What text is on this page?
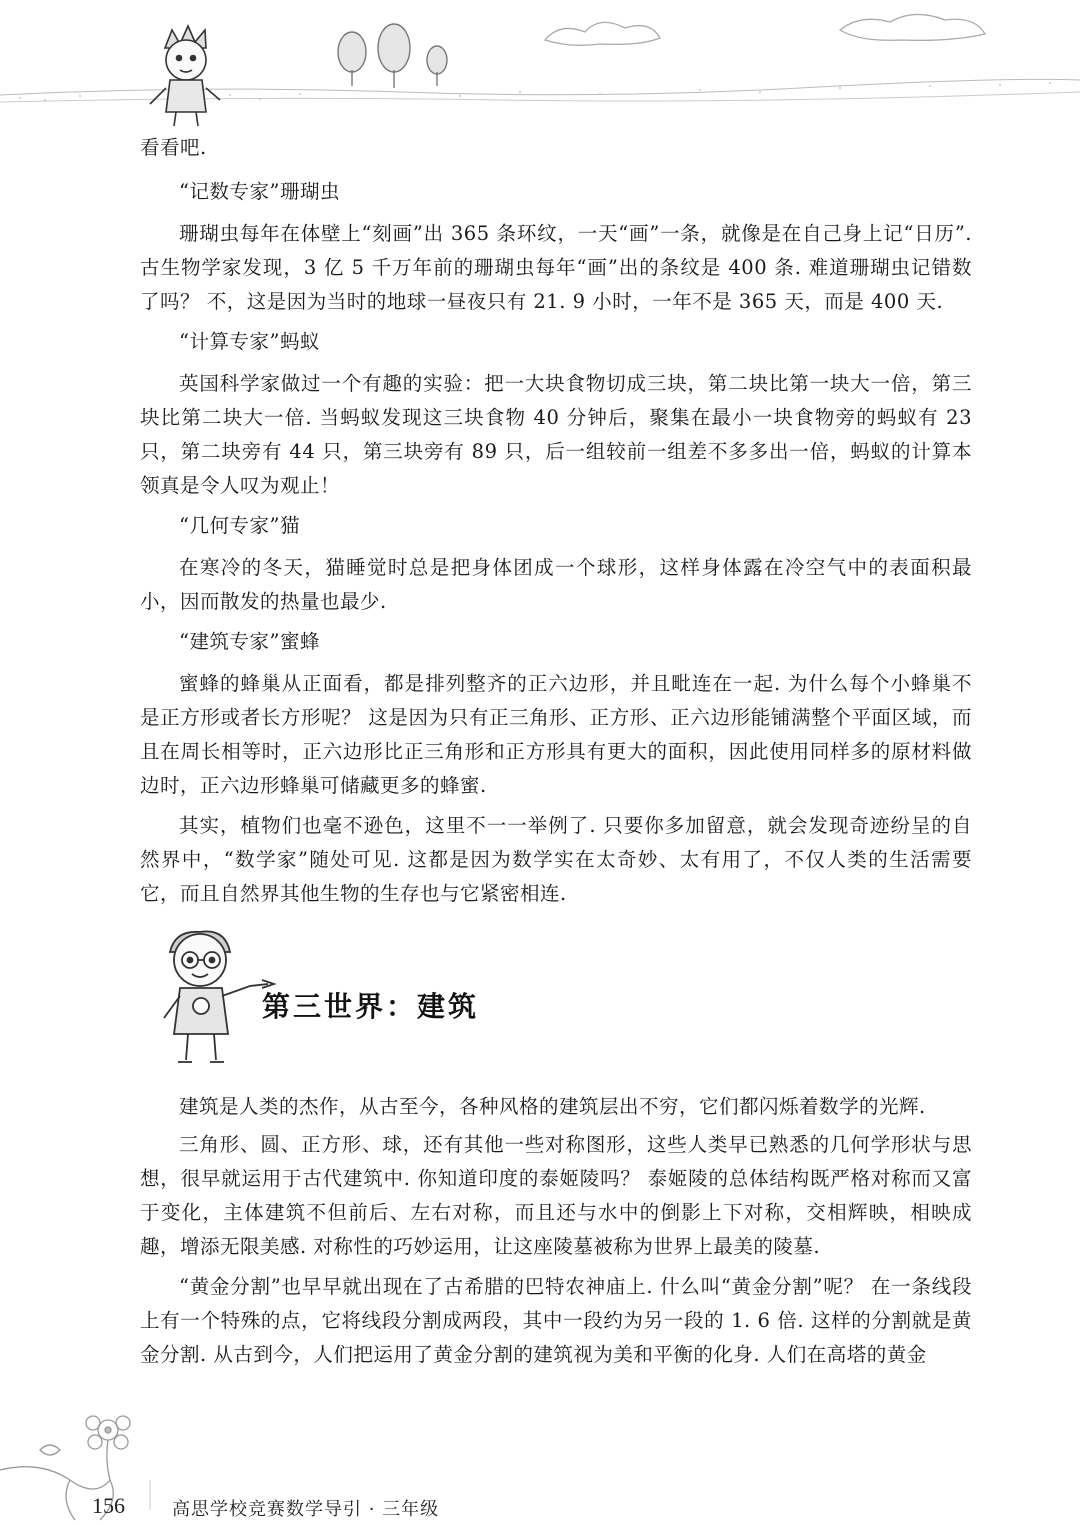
看看吧.

“记数专家”珊瑚虫

珊瑚虫每年在体壁上“刻画”出 365 条环纹，一天“画”一条，就像是在自己身上记“日历”. 古生物学家发现，3 亿 5 千万年前的珊瑚虫每年“画”出的条纹是 400 条. 难道珊瑚虫记错数了吗？ 不，这是因为当时的地球一昼夜只有 21. 9 小时，一年不是 365 天，而是 400 天.

“计算专家”蚂蚁

英国科学家做过一个有趣的实验：把一大块食物切成三块，第二块比第一块大一倍，第三块比第二块大一倍. 当蚂蚁发现这三块食物 40 分钟后，聚集在最小一块食物旁的蚂蚁有 23 只，第二块旁有 44 只，第三块旁有 89 只，后一组较前一组差不多多出一倍，蚂蚁的计算本领真是令人叹为观止！

“几何专家”猫

在寒冷的冬天，猫睡觉时总是把身体团成一个球形，这样身体露在冷空气中的表面积最小，因而散发的热量也最少.

“建筑专家”蜜蜂

蜜蜂的蜂巢从正面看，都是排列整齐的正六边形，并且毗连在一起. 为什么每个小蜂巢不是正方形或者长方形呢？ 这是因为只有正三角形、正方形、正六边形能铺满整个平面区域，而且在周长相等时，正六边形比正三角形和正方形具有更大的面积，因此使用同样多的原材料做边时，正六边形蜂巢可储藏更多的蜂蜜.

其实，植物们也毫不逊色，这里不一一举例了. 只要你多加留意，就会发现奇迹纷呈的自然界中，“数学家”随处可见. 这都是因为数学实在太奇妙、太有用了，不仅人类的生活需要它，而且自然界其他生物的生存也与它紧密相连.

第三世界：建筑

建筑是人类的杰作，从古至今，各种风格的建筑层出不穷，它们都闪烁着数学的光辉.

三角形、圆、正方形、球，还有其他一些对称图形，这些人类早已熟悉的几何学形状与思想，很早就运用于古代建筑中. 你知道印度的泰姬陵吗？ 泰姬陵的总体结构既严格对称而又富于变化，主体建筑不但前后、左右对称，而且还与水中的倒影上下对称，交相辉映，相映成趣，增添无限美感. 对称性的巧妙运用，让这座陵墓被称为世界上最美的陵墓.

“黄金分割”也早早就出现在了古希腊的巴特农神庙上. 什么叫“黄金分割”呢？ 在一条线段上有一个特殊的点，它将线段分割成两段，其中一段约为另一段的 1. 6 倍. 这样的分割就是黄金分割. 从古到今，人们把运用了黄金分割的建筑视为美和平衡的化身. 人们在高塔的黄金

156	高思学校竞赛数学导引 · 三年级
